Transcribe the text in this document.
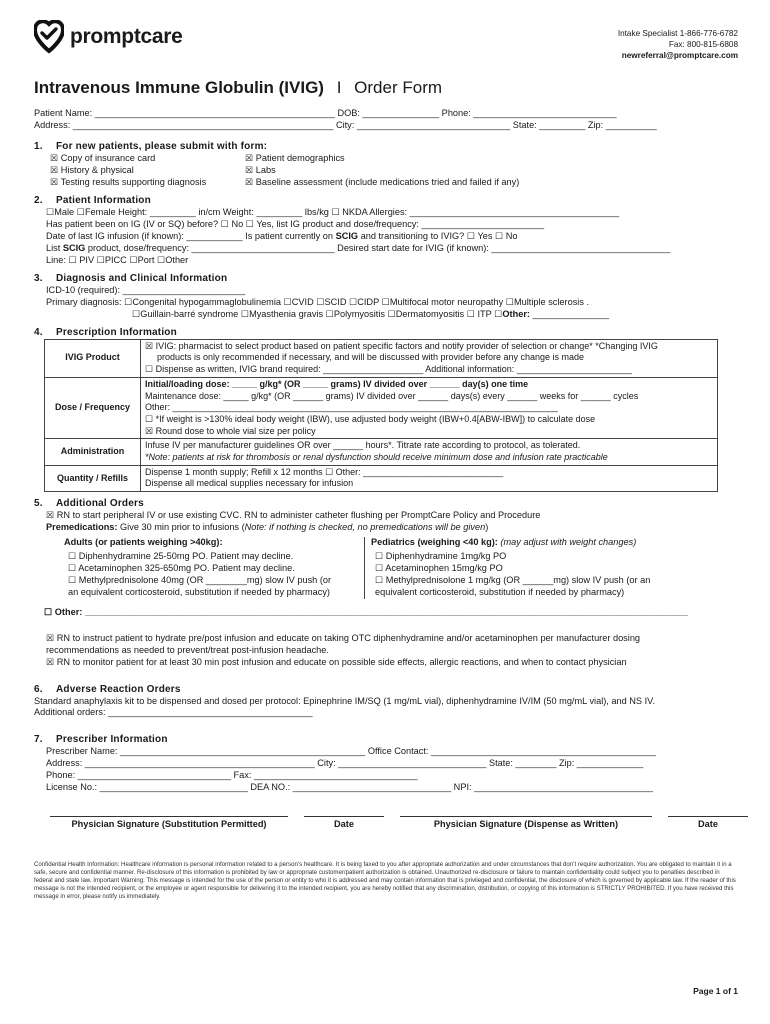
promptcare	Intake Specialist 1-866-776-6782
Fax: 800-815-6808
newreferral@promptcare.com
Intravenous Immune Globulin (IVIG) I Order Form
Patient Name: _______________________________________________ DOB: _______________ Phone: ____________________________
Address: ___________________________________________________ City: ______________________________ State: _________ Zip: __________
1. For new patients, please submit with form:
☒ Copy of insurance card
☒ History & physical
☒ Testing results supporting diagnosis
☒ Patient demographics
☒ Labs
☒ Baseline assessment (include medications tried and failed if any)
2. Patient Information
☐Male ☐Female Height: _________ in/cm Weight: _________ lbs/kg ☐ NKDA Allergies: _________________________________________
Has patient been on IG (IV or SQ) before? ☐ No ☐ Yes, list IG product and dose/frequency: ________________________
Date of last IG infusion (if known): ___________ Is patient currently on SCIG and transitioning to IVIG? ☐ Yes ☐ No
List SCIG product, dose/frequency: ____________________________ Desired start date for IVIG (if known): ___________________________________
Line: ☐ PIV ☐PICC ☐Port ☐Other
3. Diagnosis and Clinical Information
ICD-10 (required): ________________________
Primary diagnosis: ☐Congenital hypogammaglobulinemia ☐CVID ☐SCID ☐CIDP ☐Multifocal motor neuropathy ☐Multiple sclerosis .
☐Guillain-barré syndrome ☐Myasthenia gravis ☐Polymyositis ☐Dermatomyositis ☐ ITP ☐Other: _______________
4. Prescription Information
IVIG Product	☒ IVIG: pharmacist to select product based on patient specific factors and notify provider of selection or change* *Changing IVIG
products is only recommended if necessary, and will be discussed with provider before any change is made
☐ Dispense as written, IVIG brand required: ____________________ Additional information: _______________________

Dose / Frequency	Initial/loading dose: _____ g/kg* (OR _____ grams) IV divided over ______ day(s) one time
Maintenance dose: _____ g/kg* (OR ______ grams) IV divided over ______ days(s) every ______ weeks for ______ cycles
Other: _____________________________________________________________________________
☐ *If weight is >130% ideal body weight (IBW), use adjusted body weight (IBW+0.4[ABW-IBW]) to calculate dose
☒ Round dose to whole vial size per policy

Administration	Infuse IV per manufacturer guidelines OR over ______ hours*. Titrate rate according to protocol, as tolerated.
*Note: patients at risk for thrombosis or renal dysfunction should receive minimum dose and infusion rate practicable

Quantity / Refills	Dispense 1 month supply; Refill x 12 months ☐ Other: ____________________________
Dispense all medical supplies necessary for infusion
5. Additional Orders
☒ RN to start peripheral IV or use existing CVC. RN to administer catheter flushing per PromptCare Policy and Procedure
Premedications: Give 30 min prior to infusions (Note: if nothing is checked, no premedications will be given)
Adults (or patients weighing >40kg):
☐ Diphenhydramine 25-50mg PO. Patient may decline.
☐ Acetaminophen 325-650mg PO. Patient may decline.
☐ Methylprednisolone 40mg (OR ________mg) slow IV push (or
an equivalent corticosteroid, substitution if needed by pharmacy)
Pediatrics (weighing <40 kg): (may adjust with weight changes)
☐ Diphenhydramine 1mg/kg PO
☐ Acetaminophen 15mg/kg PO
☐ Methylprednisolone 1 mg/kg (OR ______mg) slow IV push (or an
equivalent corticosteroid, substitution if needed by pharmacy)
☐ Other: ______________________________________________________________________________________________________________________
☒ RN to instruct patient to hydrate pre/post infusion and educate on taking OTC diphenhydramine and/or acetaminophen per manufacturer dosing
recommendations as needed to prevent/treat post-infusion headache.
☒ RN to monitor patient for at least 30 min post infusion and educate on possible side effects, allergic reactions, and when to contact physician
6. Adverse Reaction Orders
Standard anaphylaxis kit to be dispensed and dosed per protocol: Epinephrine IM/SQ (1 mg/mL vial), diphenhydramine IV/IM (50 mg/mL vial), and NS IV.
Additional orders: ________________________________________
7. Prescriber Information
Prescriber Name: ________________________________________________ Office Contact: ____________________________________________
Address: _____________________________________________ City: _____________________________ State: ________ Zip: _____________
Phone: ______________________________ Fax: ________________________________
License No.: _____________________________ DEA NO.: _______________________________ NPI: ___________________________________
Physician Signature (Substitution Permitted)	Date	Physician Signature (Dispense as Written)	Date
Confidential Health Information: Healthcare information is personal information related to a person’s healthcare. It is being faxed to you after appropriate authorization and under circumstances that don’t require authorization. You are obligated to maintain it in a safe, secure and confidential manner. Re-disclosure of this information is prohibited by law or appropriate customer/patient authorization is obtained. Unauthorized re-disclosure or failure to maintain confidentiality could subject you to penalties described in federal and state law. Important Warning: This message is intended for the use of the person or entity to who it is addressed and may contain information that is privileged and confidential, the disclosure of which is governed by applicable law. If the reader of this message is not the intended recipient, or the employee or agent responsible for delivering it to the intended recipient, you are hereby notified that any discrimination, distribution, or copying of this information is STRICTLY PROHIBITED. If you have received this message in error, please notify us immediately.
Page 1 of 1
